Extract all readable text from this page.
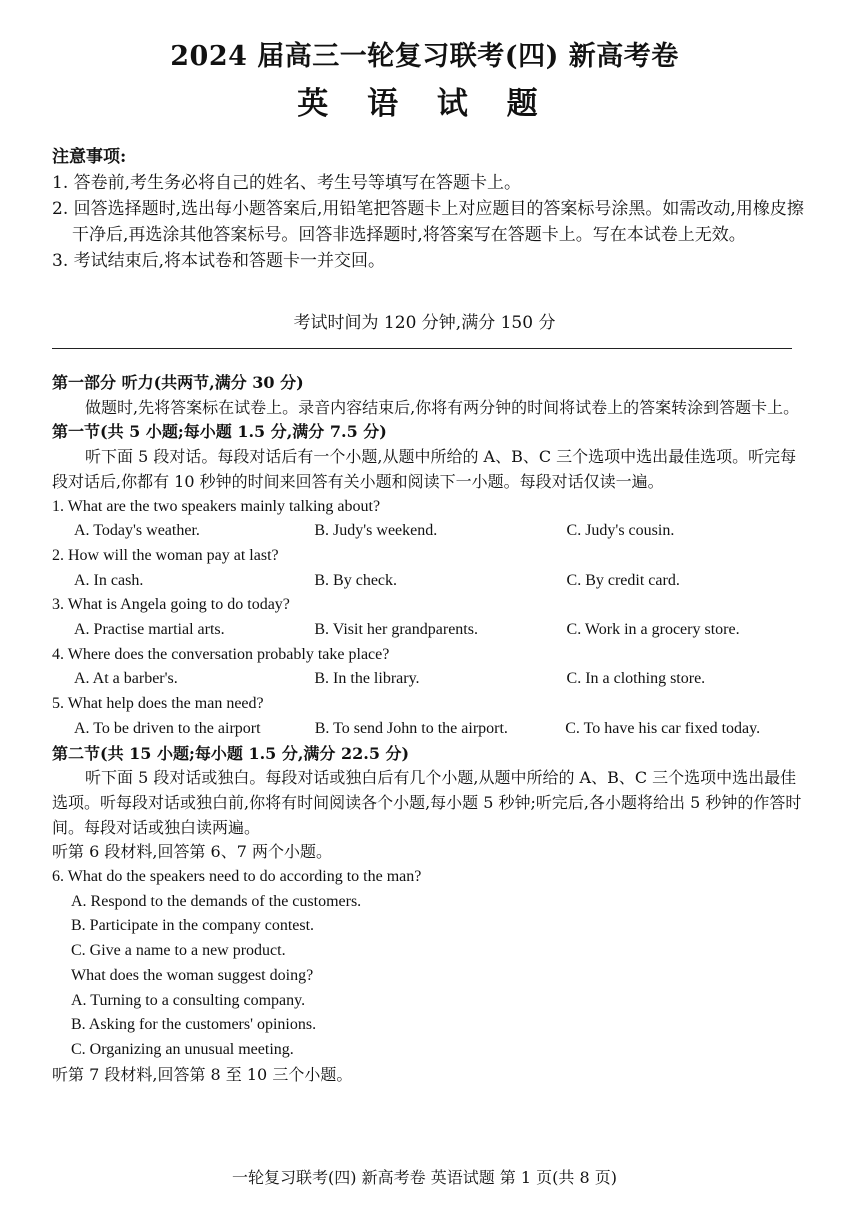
2024 届高三一轮复习联考(四) 新高考卷
英 语 试 题

注意事项:

1. 答卷前,考生务必将自己的姓名、考生号等填写在答题卡上。

2. 回答选择题时,选出每小题答案后,用铅笔把答题卡上对应题目的答案标号涂黑。如需改动,用橡皮擦干净后,再选涂其他答案标号。回答非选择题时,将答案写在答题卡上。写在本试卷上无效。

3. 考试结束后,将本试卷和答题卡一并交回。

考试时间为 120 分钟,满分 150 分

第一部分 听力(共两节,满分 30 分)

做题时,先将答案标在试卷上。录音内容结束后,你将有两分钟的时间将试卷上的答案转涂到答题卡上。

第一节(共 5 小题;每小题 1.5 分,满分 7.5 分)

听下面 5 段对话。每段对话后有一个小题,从题中所给的 A、B、C 三个选项中选出最佳选项。听完每段对话后,你都有 10 秒钟的时间来回答有关小题和阅读下一小题。每段对话仅读一遍。

1. What are the two speakers mainly talking about?

A. Today's weather.	B. Judy's weekend.	C. Judy's cousin.

2. How will the woman pay at last?

A. In cash.	B. By check.	C. By credit card.

3. What is Angela going to do today?

A. Practise martial arts.	B. Visit her grandparents.	C. Work in a grocery store.

4. Where does the conversation probably take place?

A. At a barber's.	B. In the library.	C. In a clothing store.

5. What help does the man need?

A. To be driven to the airport	B. To send John to the airport.	C. To have his car fixed today.

第二节(共 15 小题;每小题 1.5 分,满分 22.5 分)

听下面 5 段对话或独白。每段对话或独白后有几个小题,从题中所给的 A、B、C 三个选项中选出最佳选项。听每段对话或独白前,你将有时间阅读各个小题,每小题 5 秒钟;听完后,各小题将给出 5 秒钟的作答时间。每段对话或独白读两遍。

听第 6 段材料,回答第 6、7 两个小题。

6. What do the speakers need to do according to the man?

A. Respond to the demands of the customers.

B. Participate in the company contest.

C. Give a name to a new product.

What does the woman suggest doing?

A. Turning to a consulting company.

B. Asking for the customers' opinions.

C. Organizing an unusual meeting.

听第 7 段材料,回答第 8 至 10 三个小题。

一轮复习联考(四) 新高考卷 英语试题 第 1 页(共 8 页)
